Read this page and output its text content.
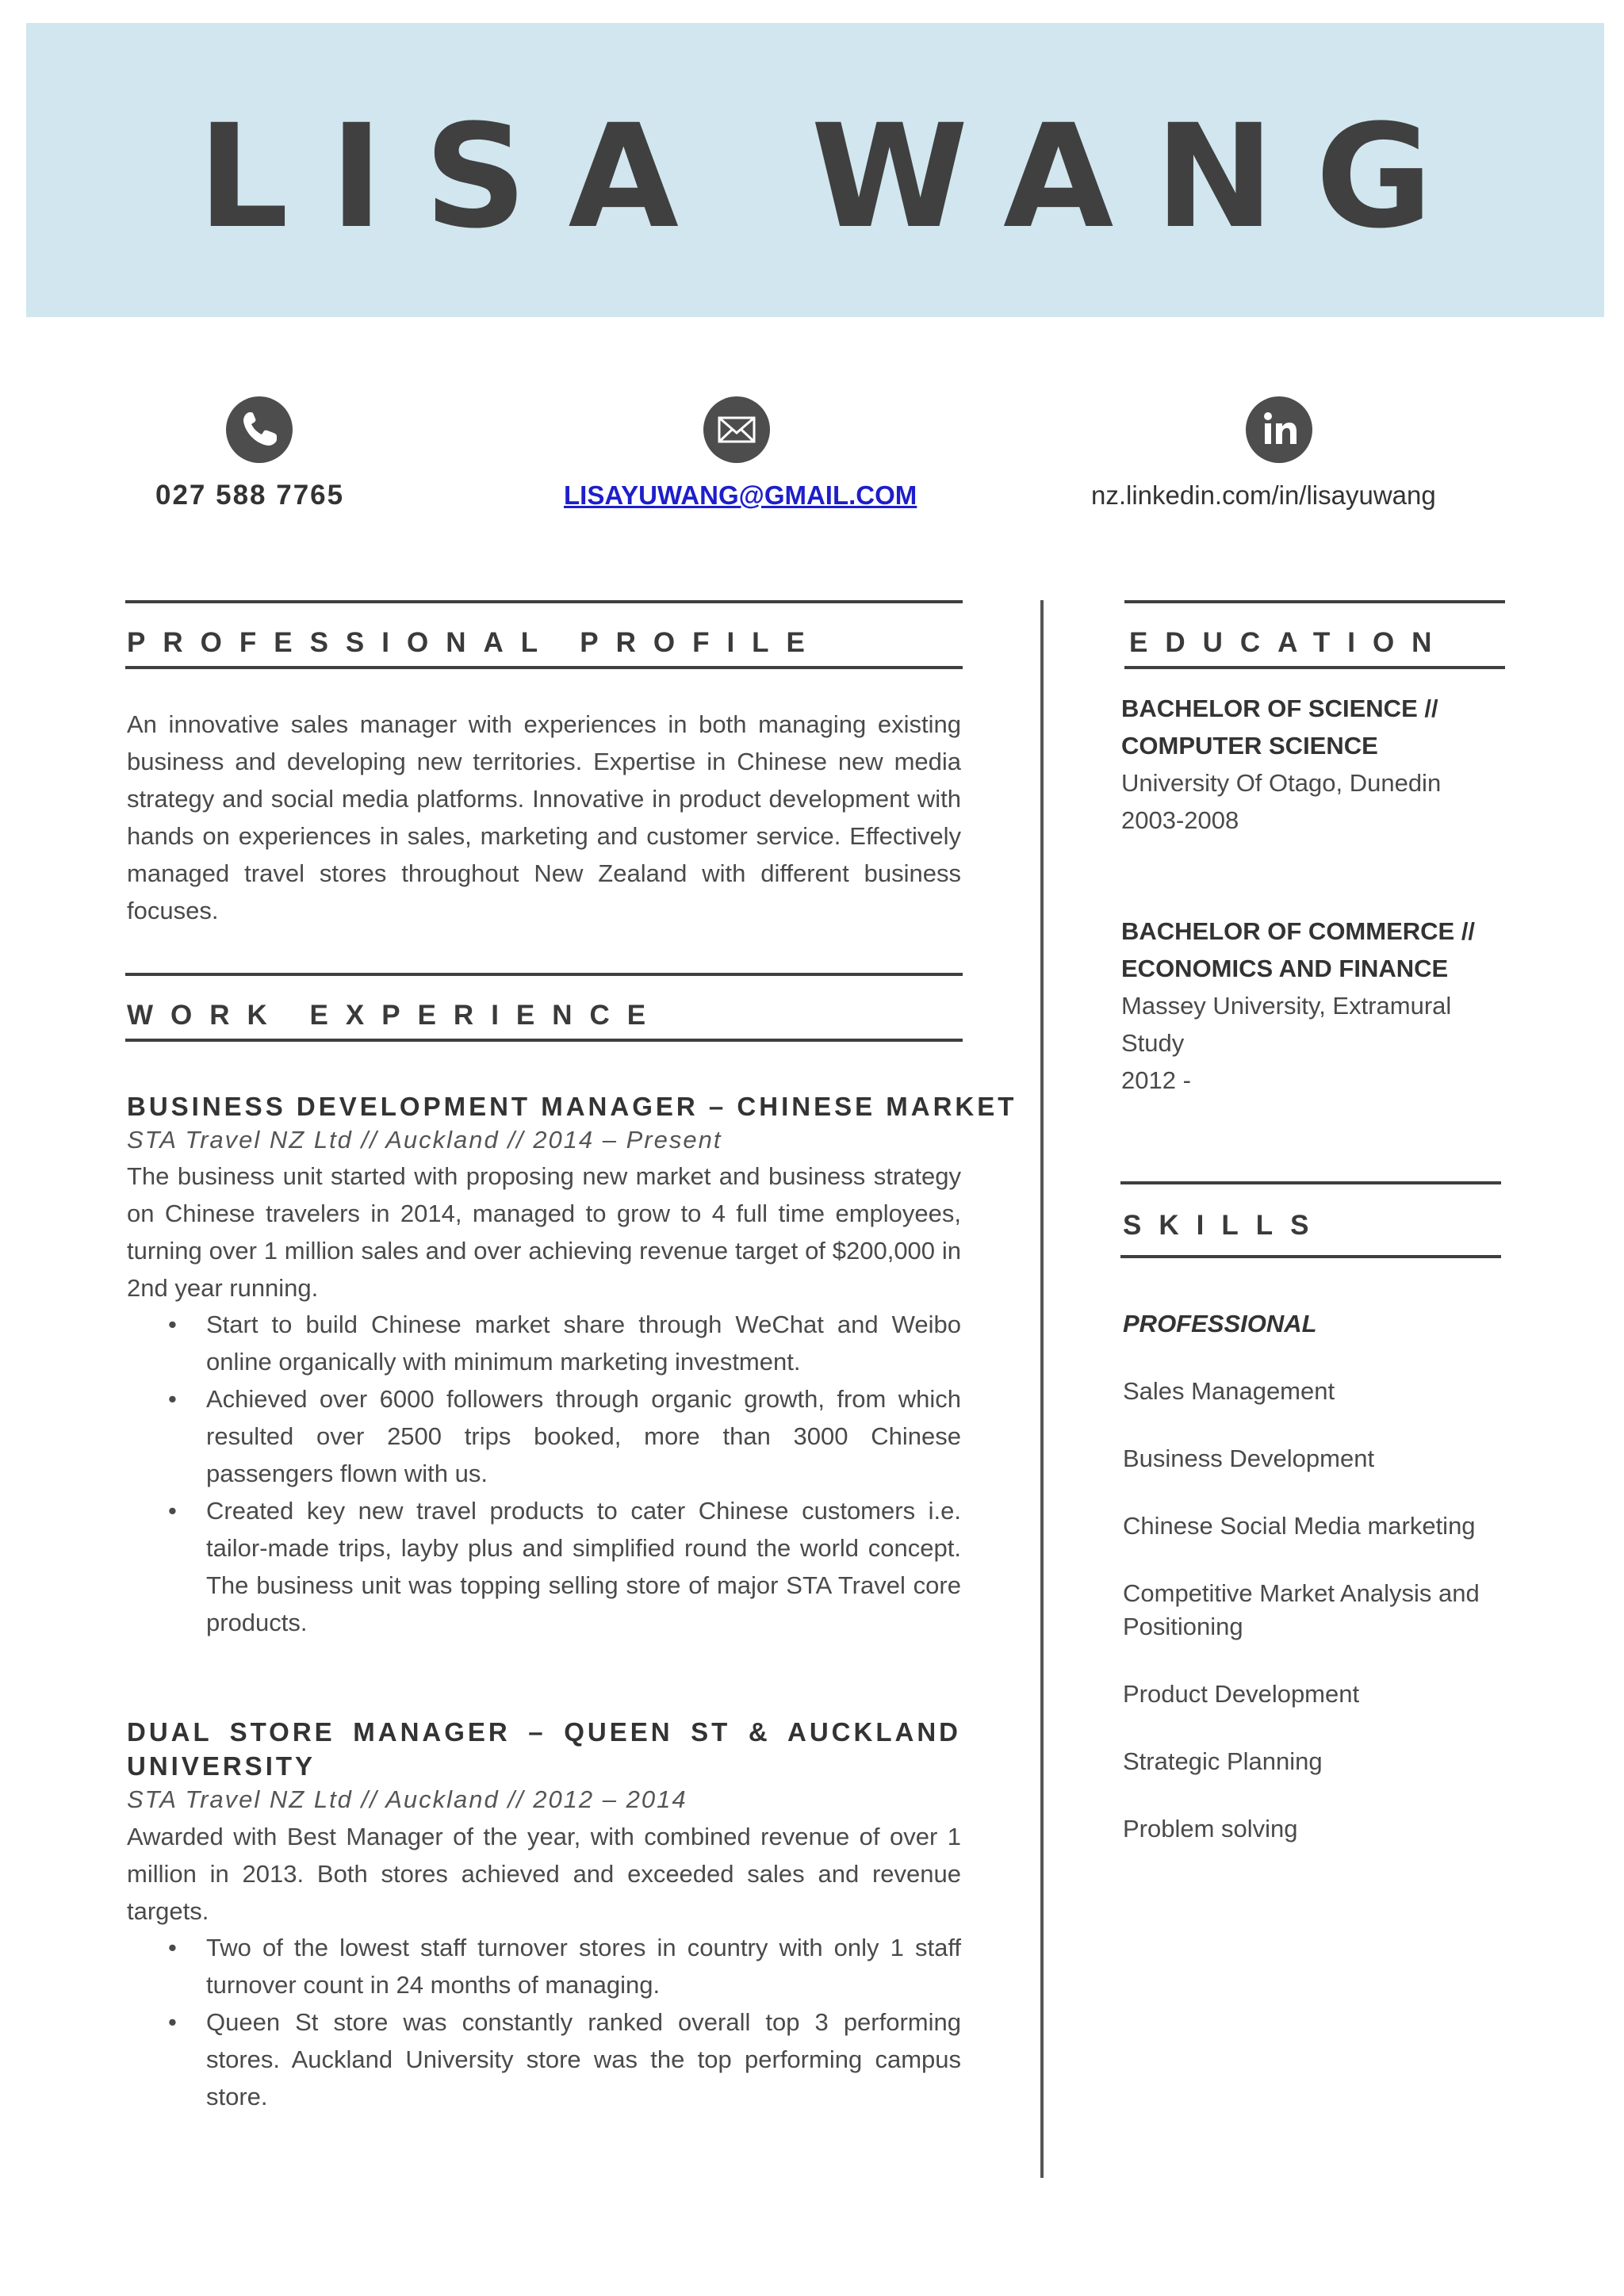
LISA WANG
027 588 7765	LISAYUWANG@GMAIL.COM	nz.linkedin.com/in/lisayuwang
PROFESSIONAL PROFILE

An innovative sales manager with experiences in both managing existing business and developing new territories. Expertise in Chinese new media strategy and social media platforms. Innovative in product development with hands on experiences in sales, marketing and customer service. Effectively managed travel stores throughout New Zealand with different business focuses.

WORK EXPERIENCE
BUSINESS DEVELOPMENT MANAGER – CHINESE MARKET
STA Travel NZ Ltd // Auckland // 2014 – Present

The business unit started with proposing new market and business strategy on Chinese travelers in 2014, managed to grow to 4 full time employees, turning over 1 million sales and over achieving revenue target of $200,000 in 2nd year running.

• Start to build Chinese market share through WeChat and Weibo online organically with minimum marketing investment.
• Achieved over 6000 followers through organic growth, from which resulted over 2500 trips booked, more than 3000 Chinese passengers flown with us.
• Created key new travel products to cater Chinese customers i.e. tailor-made trips, layby plus and simplified round the world concept. The business unit was topping selling store of major STA Travel core products.

DUAL STORE MANAGER – QUEEN ST & AUCKLAND UNIVERSITY

STA Travel NZ Ltd // Auckland // 2012 – 2014

Awarded with Best Manager of the year, with combined revenue of over 1 million in 2013. Both stores achieved and exceeded sales and revenue targets.

• Two of the lowest staff turnover stores in country with only 1 staff turnover count in 24 months of managing.
• Queen St store was constantly ranked overall top 3 performing stores. Auckland University store was the top performing campus store.
EDUCATION

BACHELOR OF SCIENCE //

COMPUTER SCIENCE

University Of Otago, Dunedin

2003-2008

BACHELOR OF COMMERCE //

ECONOMICS AND FINANCE

Massey University, Extramural Study

2012 -

SKILLS
PROFESSIONAL
Sales Management
Business Development
Chinese Social Media marketing
Competitive Market Analysis and Positioning
Product Development
Strategic Planning
Problem solving
